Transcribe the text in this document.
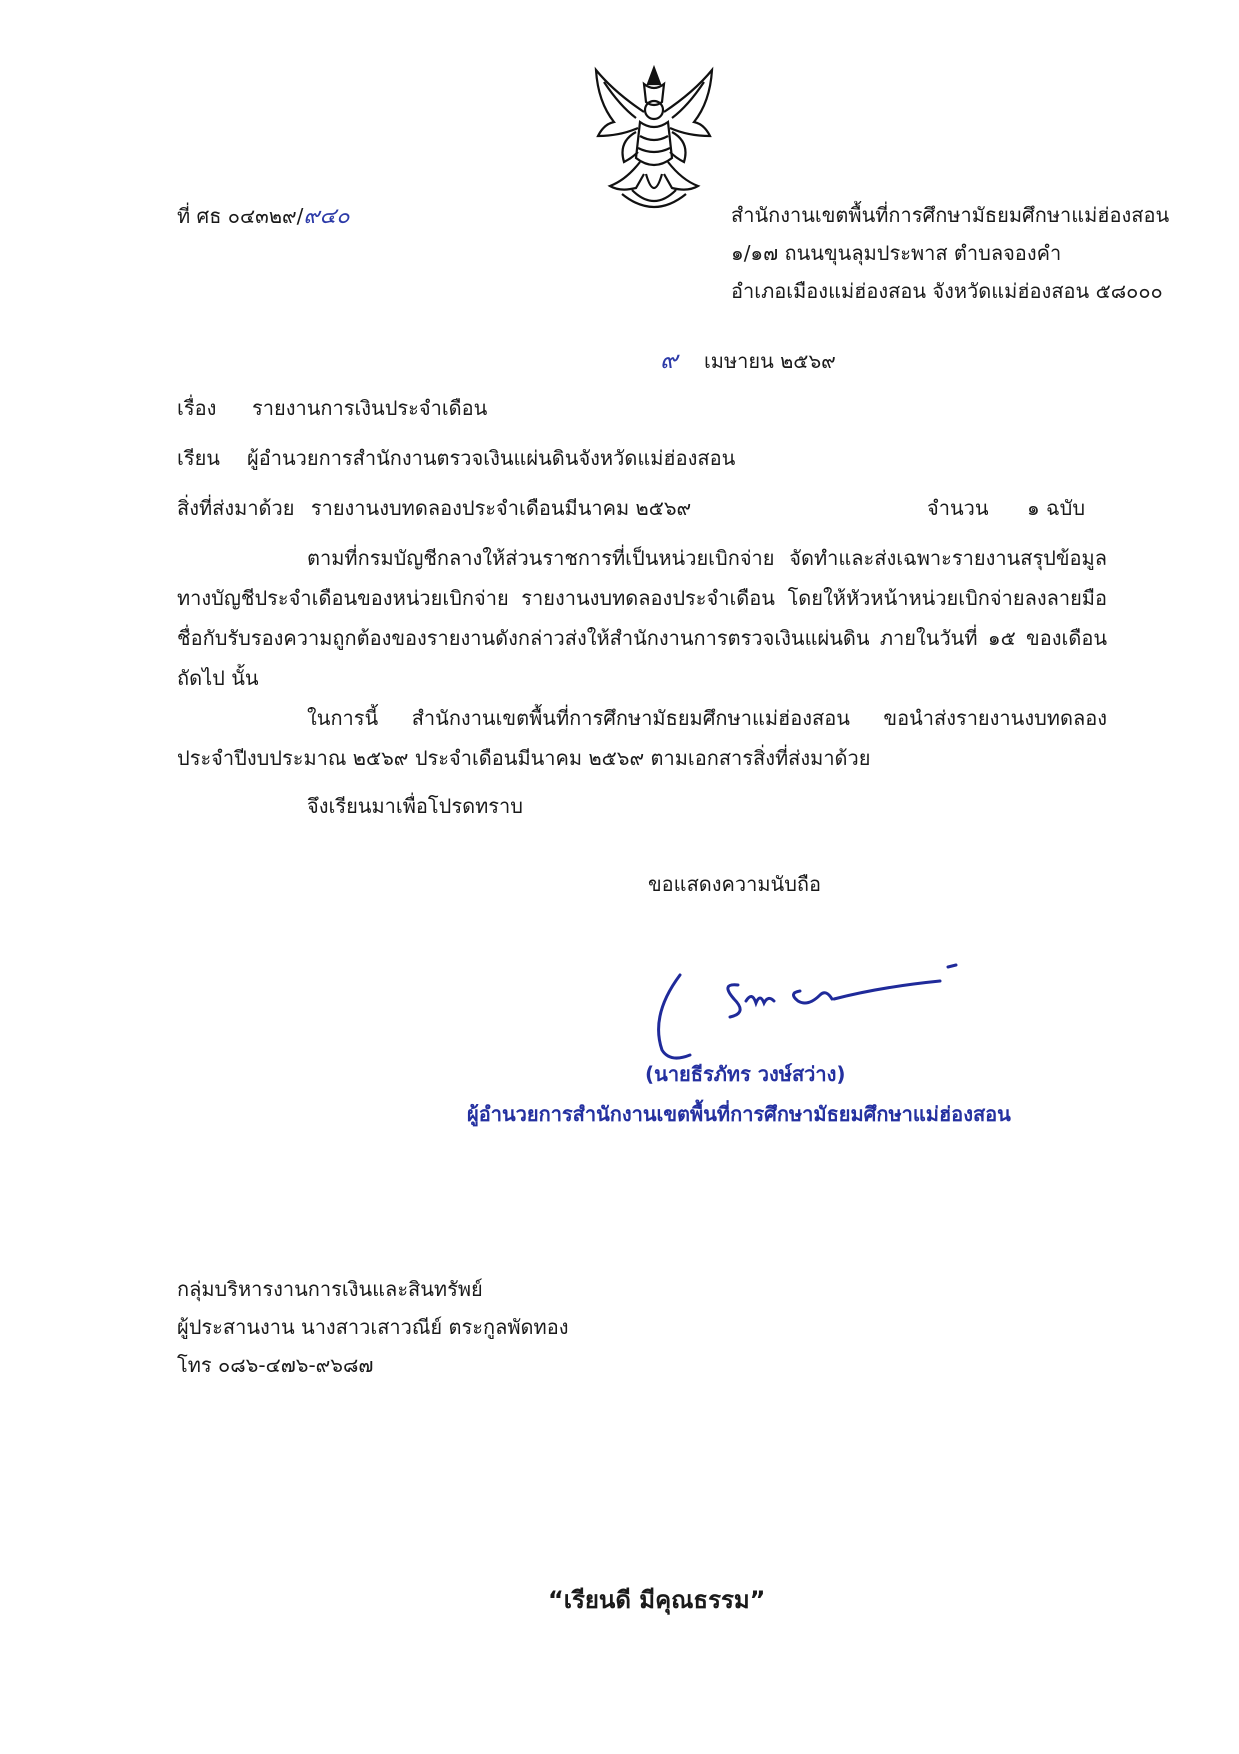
ที่ ศธ ๐๔๓๒๙/๙๔๐	สำนักงานเขตพื้นที่การศึกษามัธยมศึกษาแม่ฮ่องสอน
๑/๑๗ ถนนขุนลุมประพาส ตำบลจองคำ
อำเภอเมืองแม่ฮ่องสอน จังหวัดแม่ฮ่องสอน ๕๘๐๐๐
๙ เมษายน ๒๕๖๙
เรื่อง รายงานการเงินประจำเดือน
เรียน ผู้อำนวยการสำนักงานตรวจเงินแผ่นดินจังหวัดแม่ฮ่องสอน
สิ่งที่ส่งมาด้วย รายงานงบทดลองประจำเดือนมีนาคม ๒๕๖๙	จำนวน ๑ ฉบับ

ตามที่กรมบัญชีกลางให้ส่วนราชการที่เป็นหน่วยเบิกจ่าย จัดทำและส่งเฉพาะรายงานสรุปข้อมูลทางบัญชีประจำเดือนของหน่วยเบิกจ่าย รายงานงบทดลองประจำเดือน โดยให้หัวหน้าหน่วยเบิกจ่ายลงลายมือชื่อกับรับรองความถูกต้องของรายงานดังกล่าวส่งให้สำนักงานการตรวจเงินแผ่นดิน ภายในวันที่ ๑๕ ของเดือนถัดไป นั้น

ในการนี้ สำนักงานเขตพื้นที่การศึกษามัธยมศึกษาแม่ฮ่องสอน ขอนำส่งรายงานงบทดลองประจำปีงบประมาณ ๒๕๖๙ ประจำเดือนมีนาคม ๒๕๖๙ ตามเอกสารสิ่งที่ส่งมาด้วย

จึงเรียนมาเพื่อโปรดทราบ
ขอแสดงความนับถือ
(นายธีรภัทร วงษ์สว่าง)
ผู้อำนวยการสำนักงานเขตพื้นที่การศึกษามัธยมศึกษาแม่ฮ่องสอน
กลุ่มบริหารงานการเงินและสินทรัพย์
ผู้ประสานงาน นางสาวเสาวณีย์ ตระกูลพัดทอง
โทร ๐๘๖-๔๗๖-๙๖๘๗
“เรียนดี มีคุณธรรม”
